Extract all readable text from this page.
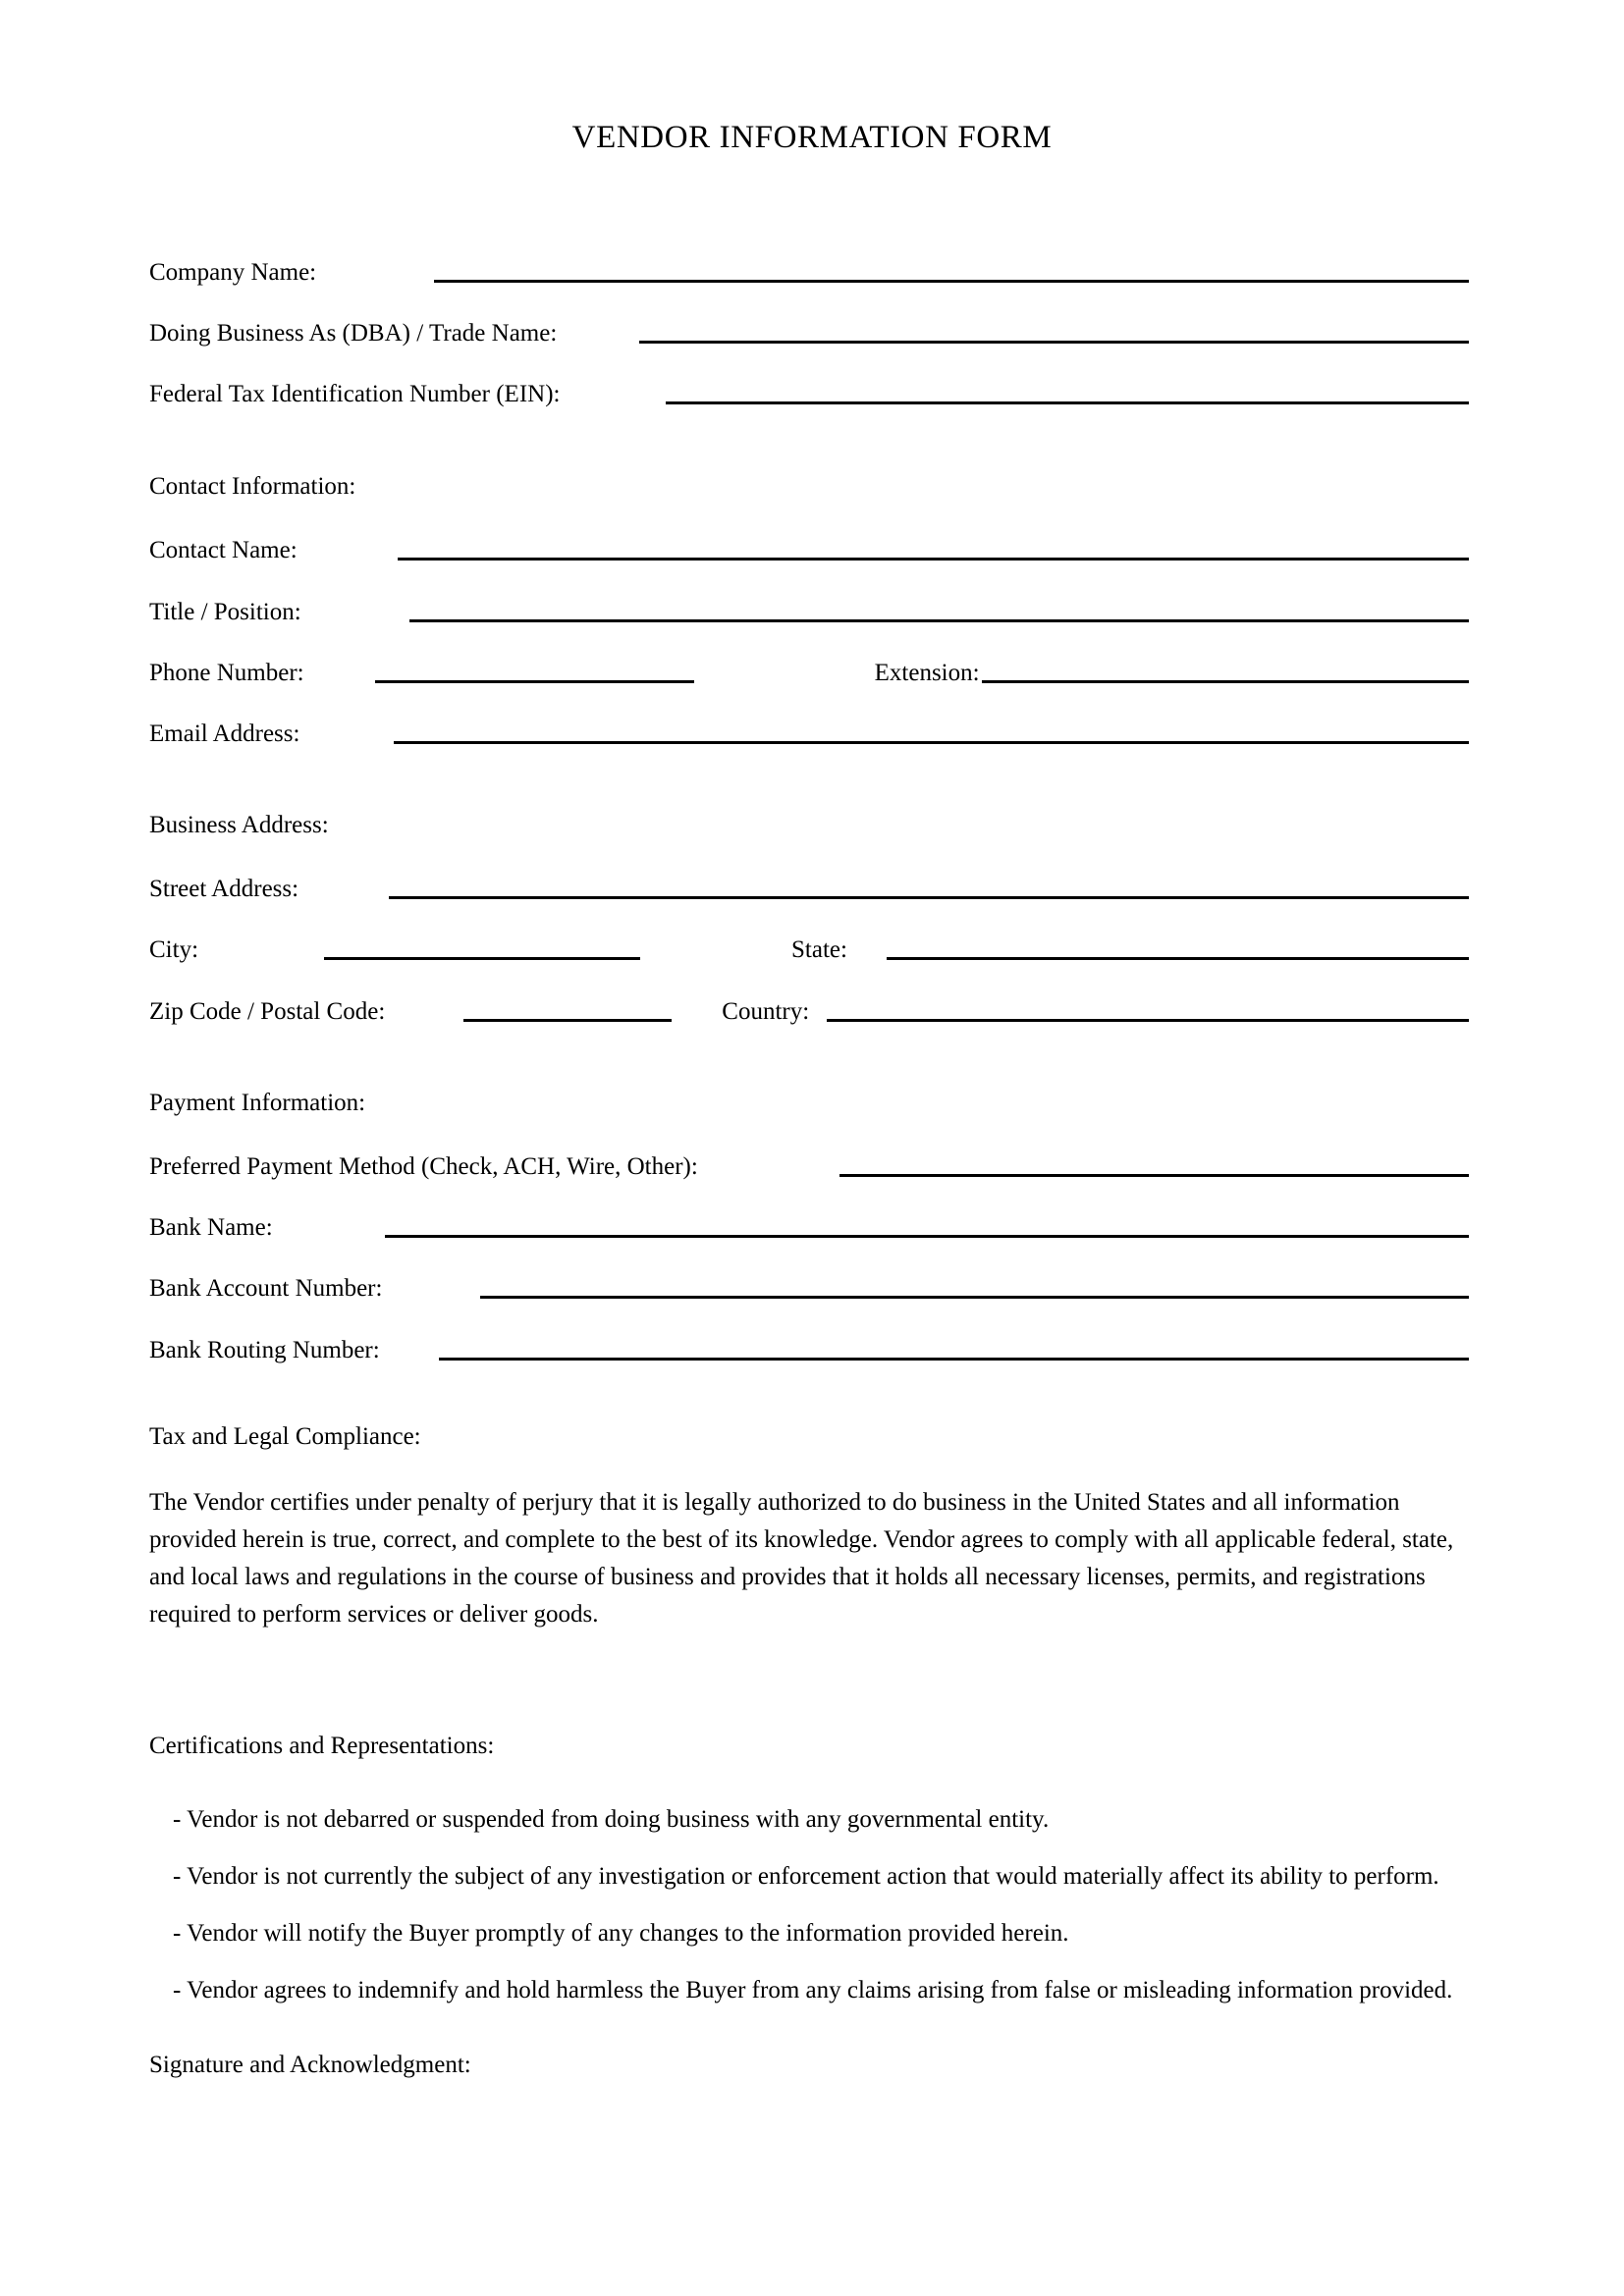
VENDOR INFORMATION FORM
Company Name:
Doing Business As (DBA) / Trade Name:
Federal Tax Identification Number (EIN):
Contact Information:
Contact Name:
Title / Position:
Phone Number:	Extension:
Email Address:
Business Address:
Street Address:
City:	State:
Zip Code / Postal Code:	Country:
Payment Information:
Preferred Payment Method (Check, ACH, Wire, Other):
Bank Name:
Bank Account Number:
Bank Routing Number:
Tax and Legal Compliance:
The Vendor certifies under penalty of perjury that it is legally authorized to do business in the United States and all information provided herein is true, correct, and complete to the best of its knowledge. Vendor agrees to comply with all applicable federal, state, and local laws and regulations in the course of business and provides that it holds all necessary licenses, permits, and registrations required to perform services or deliver goods.
Certifications and Representations:
- Vendor is not debarred or suspended from doing business with any governmental entity.
- Vendor is not currently the subject of any investigation or enforcement action that would materially affect its ability to perform.
- Vendor will notify the Buyer promptly of any changes to the information provided herein.
- Vendor agrees to indemnify and hold harmless the Buyer from any claims arising from false or misleading information provided.
Signature and Acknowledgment:
